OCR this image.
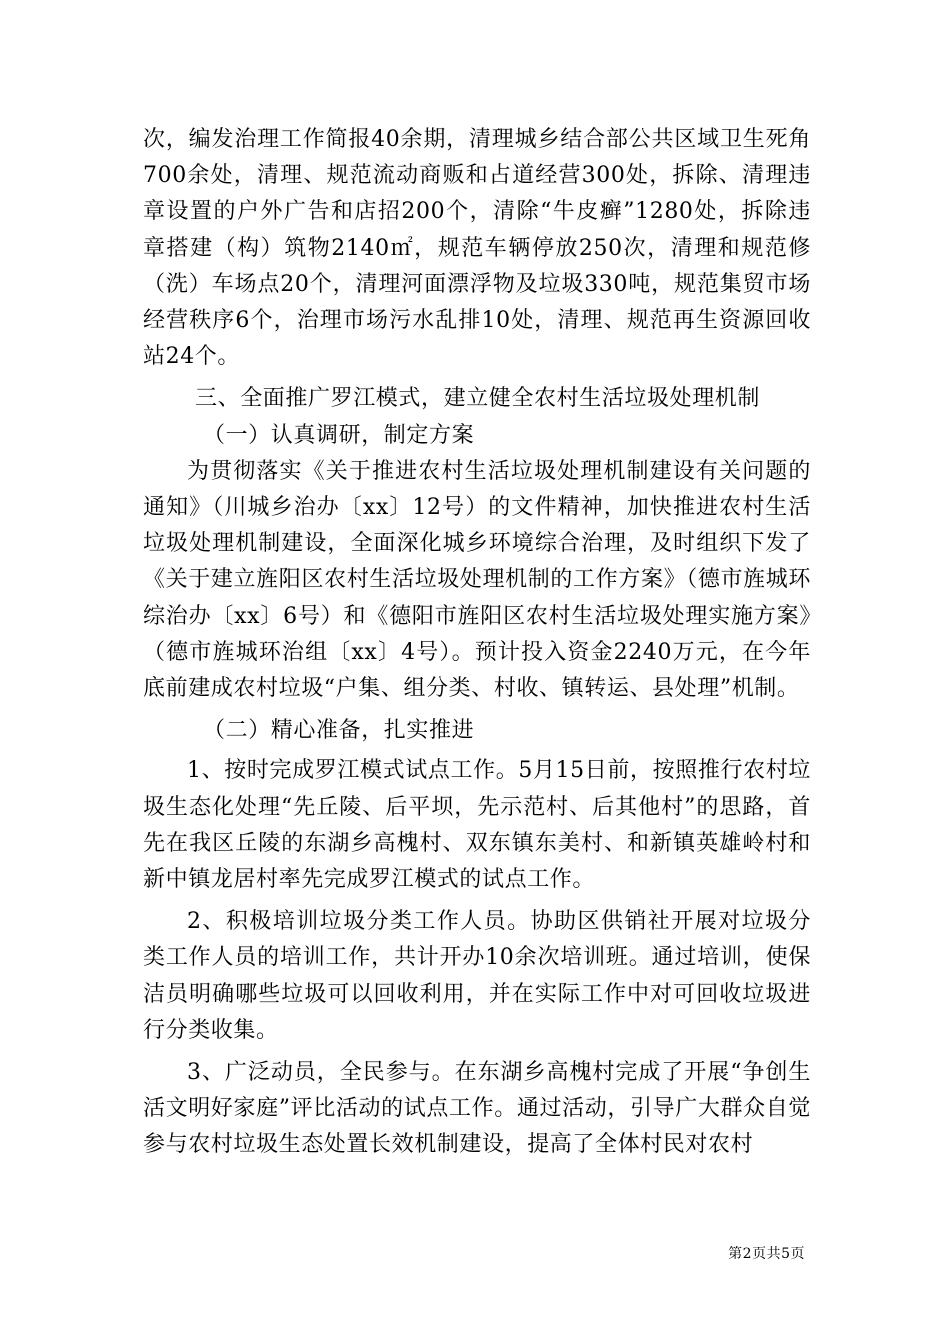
次，编发治理工作简报40余期，清理城乡结合部公共区域卫生死角700余处，清理、规范流动商贩和占道经营300处，拆除、清理违章设置的户外广告和店招200个，清除“牛皮癣”1280处，拆除违章搭建（构）筑物2140㎡，规范车辆停放250次，清理和规范修（洗）车场点20个，清理河面漂浮物及垃圾330吨，规范集贸市场经营秩序6个，治理市场污水乱排10处，清理、规范再生资源回收站24个。

三、全面推广罗江模式，建立健全农村生活垃圾处理机制

（一）认真调研，制定方案

为贯彻落实《关于推进农村生活垃圾处理机制建设有关问题的通知》（川城乡治办〔xx〕12号）的文件精神，加快推进农村生活垃圾处理机制建设，全面深化城乡环境综合治理，及时组织下发了《关于建立旌阳区农村生活垃圾处理机制的工作方案》（德市旌城环综治办〔xx〕6号）和《德阳市旌阳区农村生活垃圾处理实施方案》（德市旌城环治组〔xx〕4号）。预计投入资金2240万元，在今年底前建成农村垃圾“户集、组分类、村收、镇转运、县处理”机制。

（二）精心准备，扎实推进

1、按时完成罗江模式试点工作。5月15日前，按照推行农村垃圾生态化处理“先丘陵、后平坝，先示范村、后其他村”的思路，首先在我区丘陵的东湖乡高槐村、双东镇东美村、和新镇英雄岭村和新中镇龙居村率先完成罗江模式的试点工作。

2、积极培训垃圾分类工作人员。协助区供销社开展对垃圾分类工作人员的培训工作，共计开办10余次培训班。通过培训，使保洁员明确哪些垃圾可以回收利用，并在实际工作中对可回收垃圾进行分类收集。

3、广泛动员，全民参与。在东湖乡高槐村完成了开展“争创生活文明好家庭”评比活动的试点工作。通过活动，引导广大群众自觉参与农村垃圾生态处置长效机制建设，提高了全体村民对农村

第2页共5页
